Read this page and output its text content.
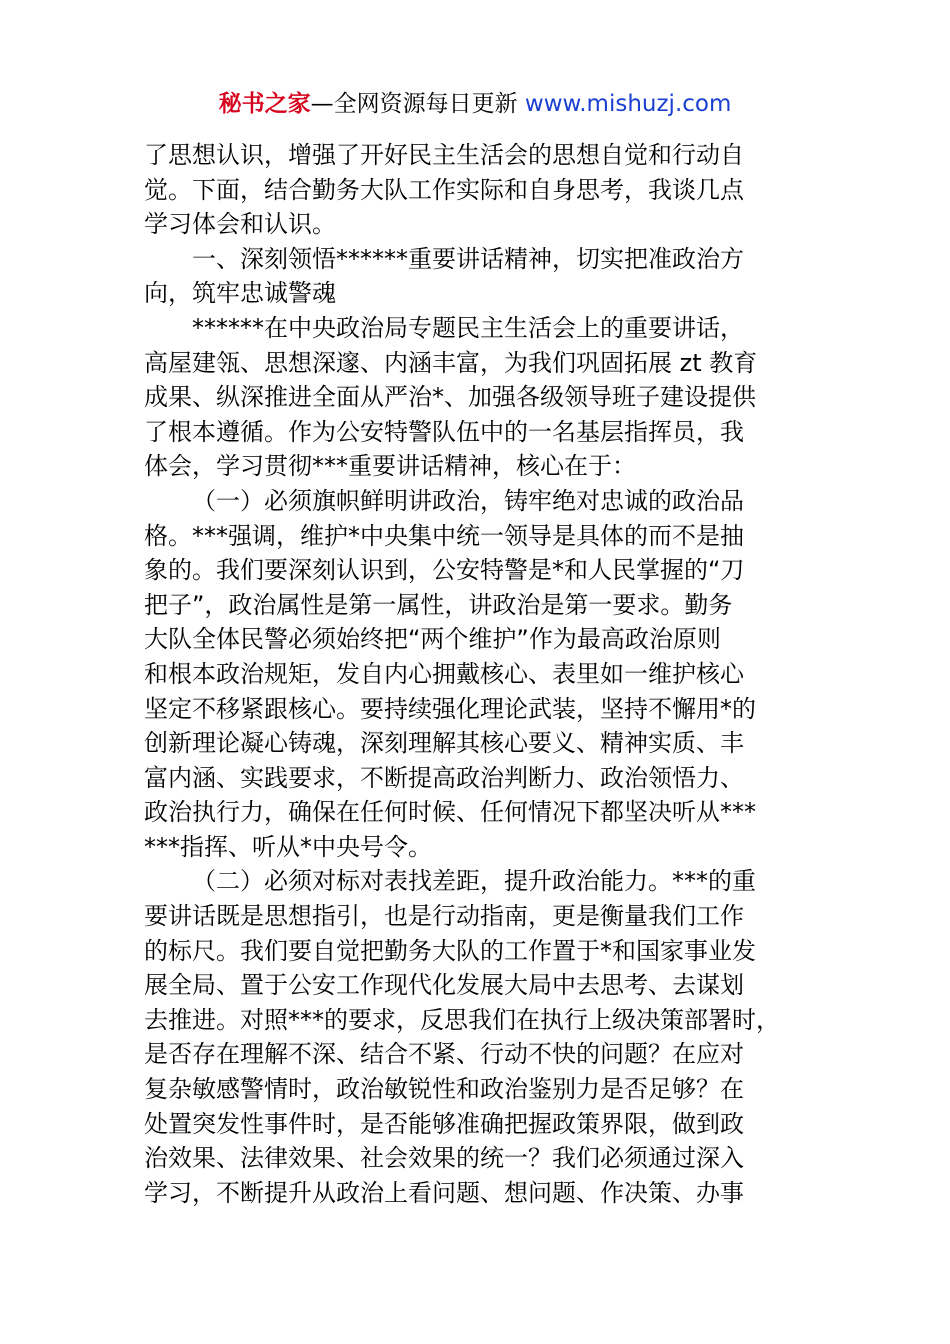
秘书之家—全网资源每日更新 www.mishuzj.com
了思想认识，增强了开好民主生活会的思想自觉和行动自
觉。下面，结合勤务大队工作实际和自身思考，我谈几点
学习体会和认识。
一、深刻领悟******重要讲话精神，切实把准政治方
向，筑牢忠诚警魂
******在中央政治局专题民主生活会上的重要讲话，
高屋建瓴、思想深邃、内涵丰富，为我们巩固拓展 zt 教育
成果、纵深推进全面从严治*、加强各级领导班子建设提供
了根本遵循。作为公安特警队伍中的一名基层指挥员，我
体会，学习贯彻***重要讲话精神，核心在于：
（一）必须旗帜鲜明讲政治，铸牢绝对忠诚的政治品
格。***强调，维护*中央集中统一领导是具体的而不是抽
象的。我们要深刻认识到，公安特警是*和人民掌握的“刀
把子”，政治属性是第一属性，讲政治是第一要求。勤务
大队全体民警必须始终把“两个维护”作为最高政治原则
和根本政治规矩，发自内心拥戴核心、表里如一维护核心
坚定不移紧跟核心。要持续强化理论武装，坚持不懈用*的
创新理论凝心铸魂，深刻理解其核心要义、精神实质、丰
富内涵、实践要求，不断提高政治判断力、政治领悟力、
政治执行力，确保在任何时候、任何情况下都坚决听从***
***指挥、听从*中央号令。
（二）必须对标对表找差距，提升政治能力。***的重
要讲话既是思想指引，也是行动指南，更是衡量我们工作
的标尺。我们要自觉把勤务大队的工作置于*和国家事业发
展全局、置于公安工作现代化发展大局中去思考、去谋划
去推进。对照***的要求，反思我们在执行上级决策部署时，
是否存在理解不深、结合不紧、行动不快的问题？在应对
复杂敏感警情时，政治敏锐性和政治鉴别力是否足够？在
处置突发性事件时，是否能够准确把握政策界限，做到政
治效果、法律效果、社会效果的统一？我们必须通过深入
学习，不断提升从政治上看问题、想问题、作决策、办事
